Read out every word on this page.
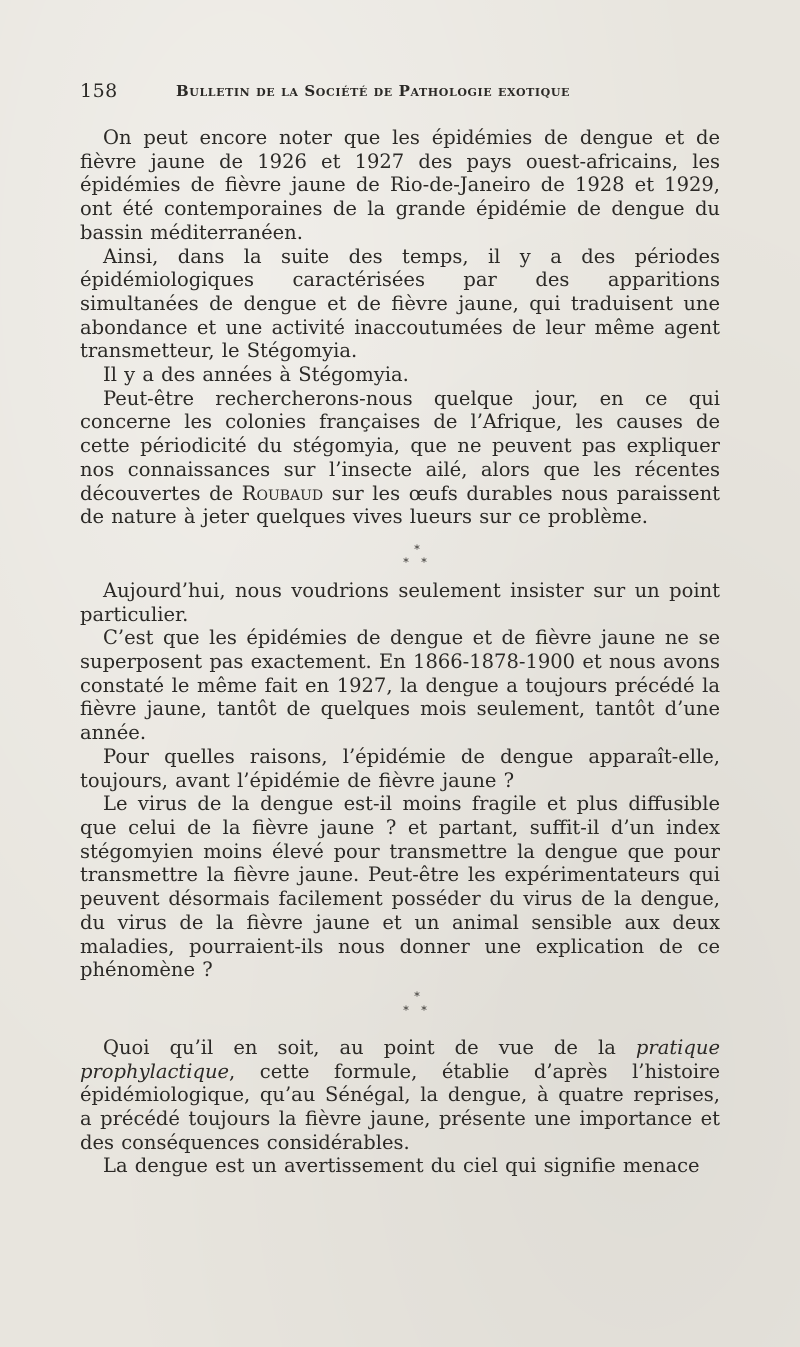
158	Bulletin de la Société de Pathologie exotique

On peut encore noter que les épidémies de dengue et de fièvre jaune de 1926 et 1927 des pays ouest-africains, les épidémies de fièvre jaune de Rio-de-Janeiro de 1928 et 1929, ont été contemporaines de la grande épidémie de dengue du bassin méditerranéen.

Ainsi, dans la suite des temps, il y a des périodes épidémiologiques caractérisées par des apparitions simultanées de dengue et de fièvre jaune, qui traduisent une abondance et une activité inaccoutumées de leur même agent transmetteur, le Stégomyia.

Il y a des années à Stégomyia.

Peut-être rechercherons-nous quelque jour, en ce qui concerne les colonies françaises de l’Afrique, les causes de cette périodicité du stégomyia, que ne peuvent pas expliquer nos connaissances sur l’insecte ailé, alors que les récentes découvertes de Roubaud sur les œufs durables nous paraissent de nature à jeter quelques vives lueurs sur ce problème.

*
* *

Aujourd’hui, nous voudrions seulement insister sur un point particulier.

C’est que les épidémies de dengue et de fièvre jaune ne se superposent pas exactement. En 1866-1878-1900 et nous avons constaté le même fait en 1927, la dengue a toujours précédé la fièvre jaune, tantôt de quelques mois seulement, tantôt d’une année.

Pour quelles raisons, l’épidémie de dengue apparaît-elle, toujours, avant l’épidémie de fièvre jaune ?

Le virus de la dengue est-il moins fragile et plus diffusible que celui de la fièvre jaune ? et partant, suffit-il d’un index stégomyien moins élevé pour transmettre la dengue que pour transmettre la fièvre jaune. Peut-être les expérimentateurs qui peuvent désormais facilement posséder du virus de la dengue, du virus de la fièvre jaune et un animal sensible aux deux maladies, pourraient-ils nous donner une explication de ce phénomène ?

*
* *

Quoi qu’il en soit, au point de vue de la pratique prophylactique, cette formule, établie d’après l’histoire épidémiologique, qu’au Sénégal, la dengue, à quatre reprises, a précédé toujours la fièvre jaune, présente une importance et des conséquences considérables.

La dengue est un avertissement du ciel qui signifie menace
